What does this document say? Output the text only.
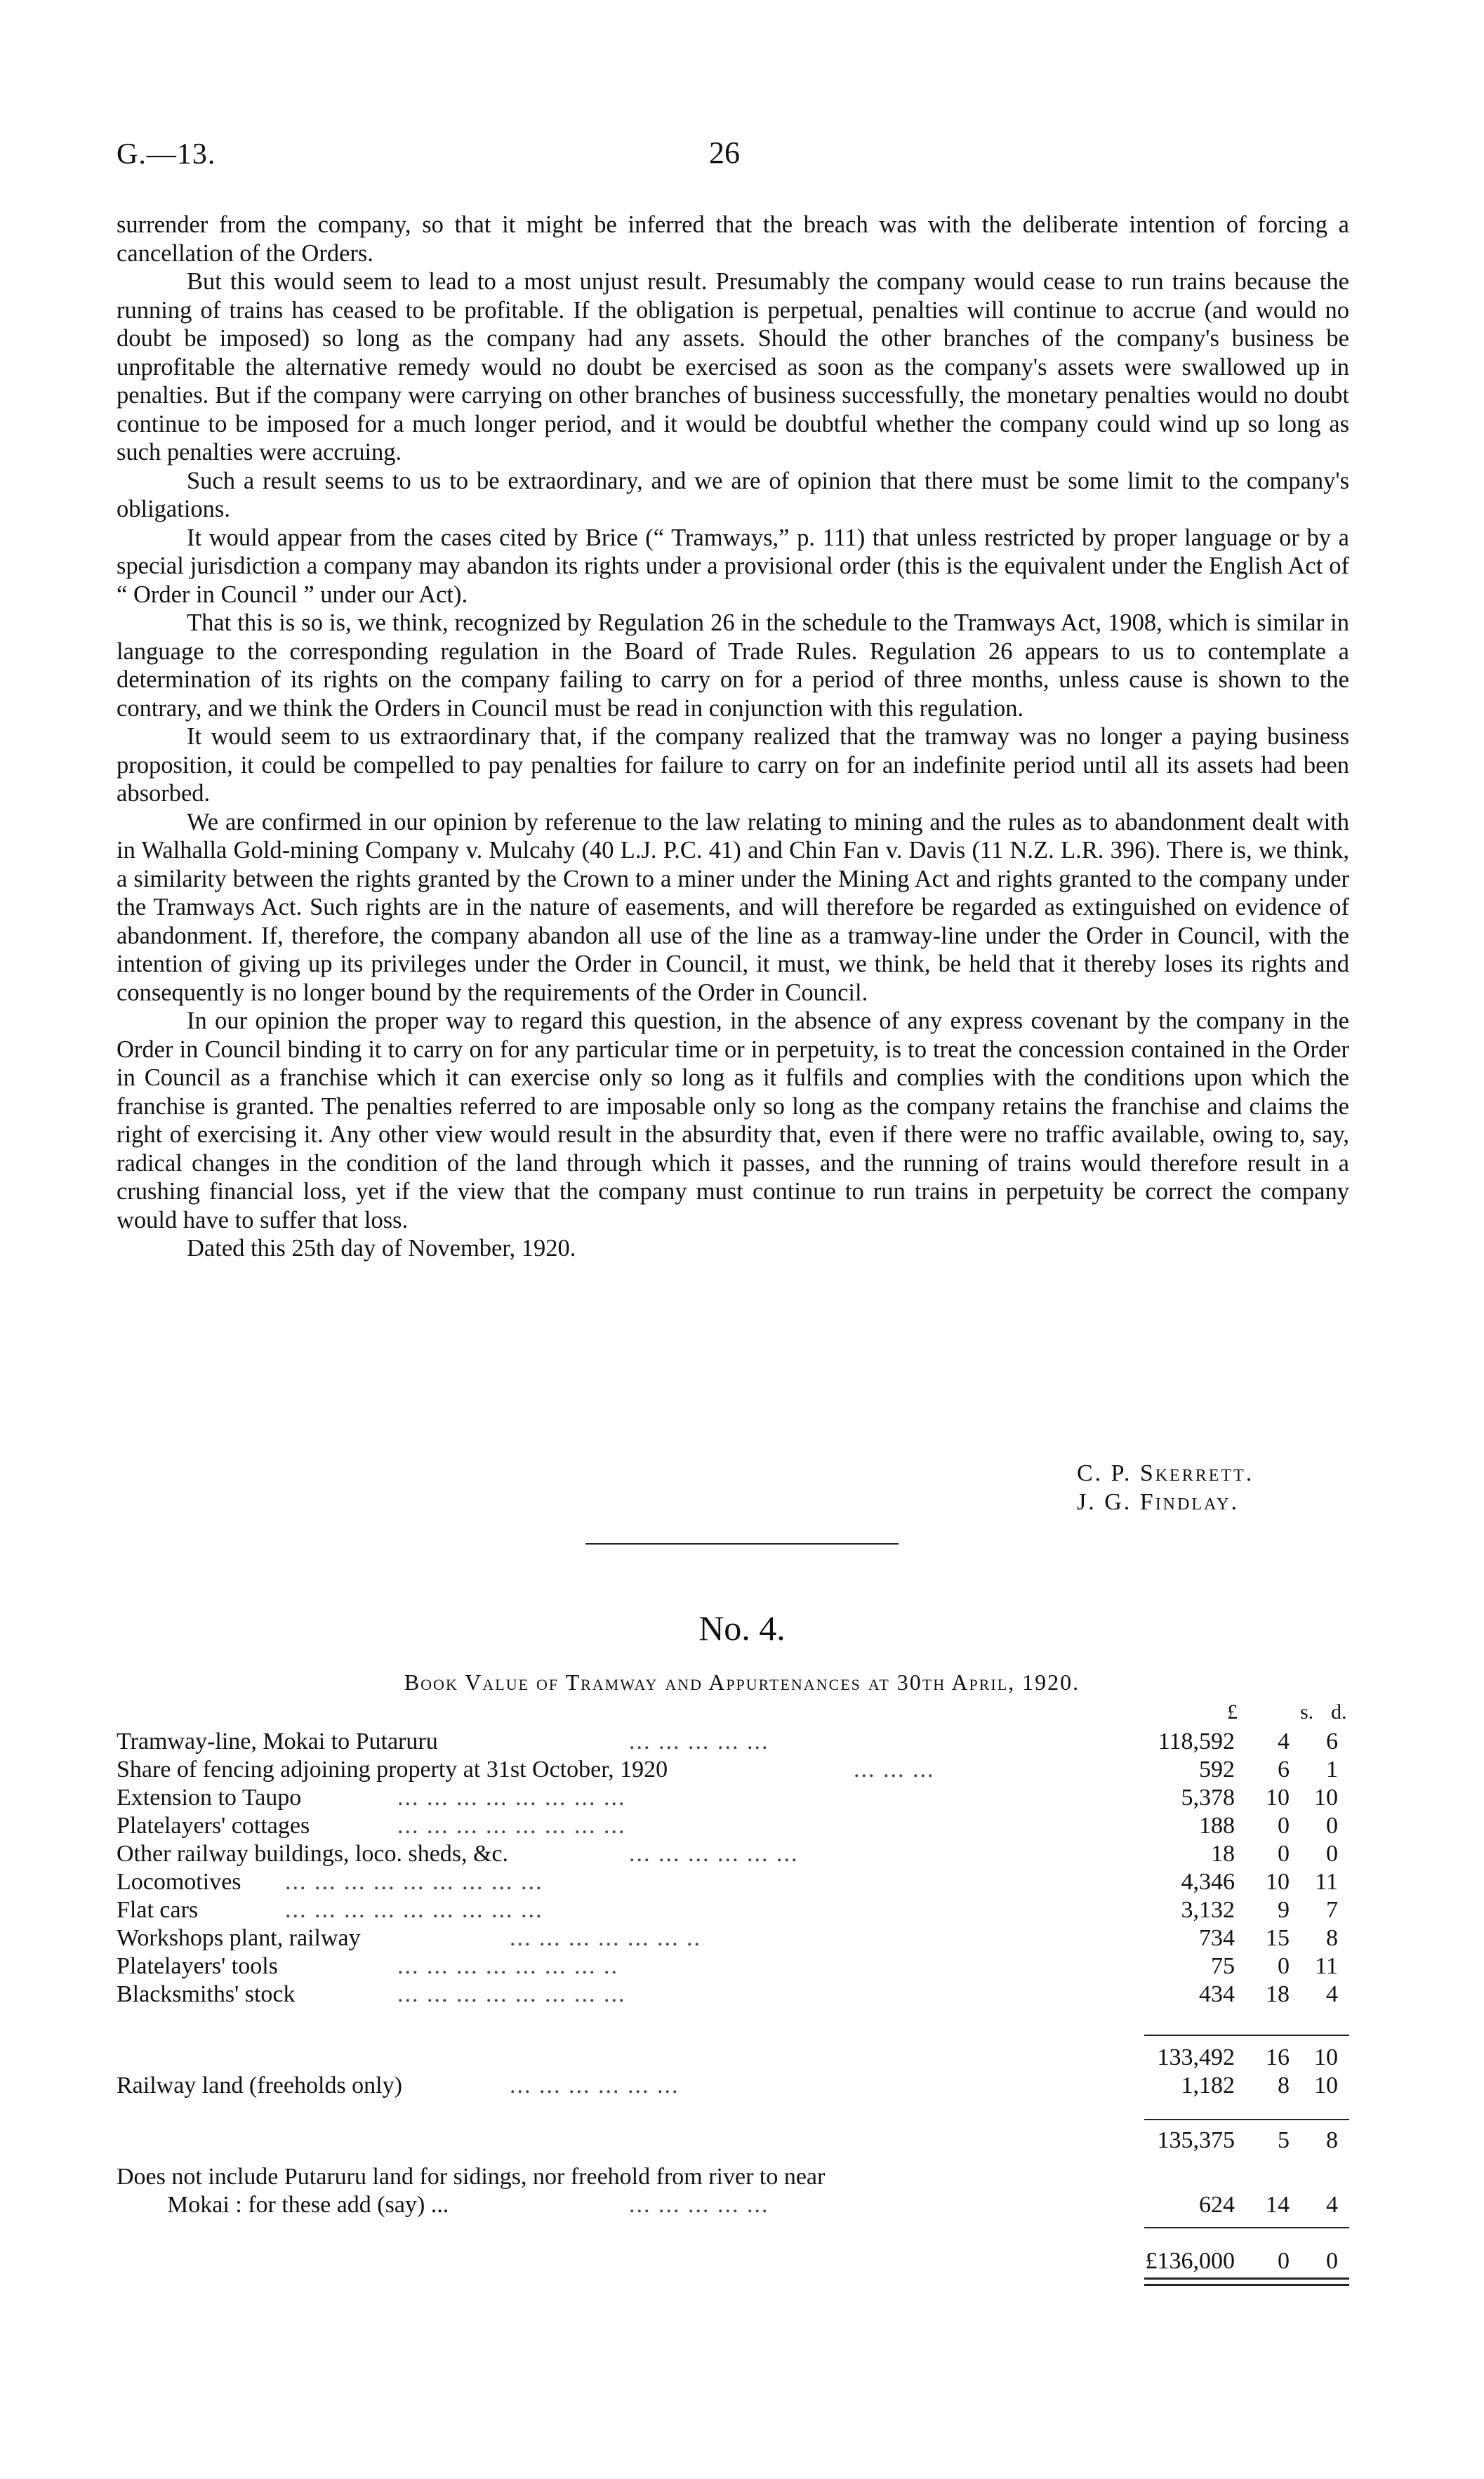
G.—13.	26

surrender from the company, so that it might be inferred that the breach was with the deliberate intention of forcing a cancellation of the Orders.

But this would seem to lead to a most unjust result. Presumably the company would cease to run trains because the running of trains has ceased to be profitable. If the obligation is perpetual, penalties will continue to accrue (and would no doubt be imposed) so long as the company had any assets. Should the other branches of the company's business be unprofitable the alternative remedy would no doubt be exercised as soon as the company's assets were swallowed up in penalties. But if the company were carrying on other branches of business successfully, the monetary penalties would no doubt continue to be imposed for a much longer period, and it would be doubtful whether the company could wind up so long as such penalties were accruing.

Such a result seems to us to be extraordinary, and we are of opinion that there must be some limit to the company's obligations.

It would appear from the cases cited by Brice (“ Tramways,” p. 111) that unless restricted by proper language or by a special jurisdiction a company may abandon its rights under a provisional order (this is the equivalent under the English Act of “ Order in Council ” under our Act).

That this is so is, we think, recognized by Regulation 26 in the schedule to the Tramways Act, 1908, which is similar in language to the corresponding regulation in the Board of Trade Rules. Regulation 26 appears to us to contemplate a determination of its rights on the company failing to carry on for a period of three months, unless cause is shown to the contrary, and we think the Orders in Council must be read in conjunction with this regulation.

It would seem to us extraordinary that, if the company realized that the tramway was no longer a paying business proposition, it could be compelled to pay penalties for failure to carry on for an indefinite period until all its assets had been absorbed.

We are confirmed in our opinion by referenue to the law relating to mining and the rules as to abandonment dealt with in Walhalla Gold-mining Company v. Mulcahy (40 L.J. P.C. 41) and Chin Fan v. Davis (11 N.Z. L.R. 396). There is, we think, a similarity between the rights granted by the Crown to a miner under the Mining Act and rights granted to the company under the Tramways Act. Such rights are in the nature of easements, and will therefore be regarded as extinguished on evidence of abandonment. If, therefore, the company abandon all use of the line as a tramway-line under the Order in Council, with the intention of giving up its privileges under the Order in Council, it must, we think, be held that it thereby loses its rights and consequently is no longer bound by the requirements of the Order in Council.

In our opinion the proper way to regard this question, in the absence of any express covenant by the company in the Order in Council binding it to carry on for any particular time or in perpetuity, is to treat the concession contained in the Order in Council as a franchise which it can exercise only so long as it fulfils and complies with the conditions upon which the franchise is granted. The penalties referred to are imposable only so long as the company retains the franchise and claims the right of exercising it. Any other view would result in the absurdity that, even if there were no traffic available, owing to, say, radical changes in the condition of the land through which it passes, and the running of trains would therefore result in a crushing financial loss, yet if the view that the company must continue to run trains in perpetuity be correct the company would have to suffer that loss.

Dated this 25th day of November, 1920.

C. P. Skerrett.
J. G. Findlay.
No. 4.
Book Value of Tramway and Appurtenances at 30th April, 1920.
£	s. d.
Tramway-line, Mokai to Putaruru	... ... ... ... ...	118,592 4 6
Share of fencing adjoining property at 31st October, 1920	... ... ...	592 6 1
Extension to Taupo	... ... ... ... ... ... ... ...	5,378 10 10
Platelayers' cottages	... ... ... ... ... ... ... ...	188 0 0
Other railway buildings, loco. sheds, &c.	... ... ... ... ... ...	18 0 0
Locomotives ... ... ... ... ... ... ... ... ...	4,346 10 11
Flat cars	... ... ... ... ... ... ... ... ...	3,132 9 7
Workshops plant, railway	... ... ... ... ... ... ..	734 15 8
Platelayers' tools	... ... ... ... ... ... ... ..	75 0 11
Blacksmiths' stock	... ... ... ... ... ... ... ...	434 18 4
133,492 16 10
Railway land (freeholds only)	... ... ... ... ... ...	1,182 8 10
135,375 5 8
Does not include Putaruru land for sidings, nor freehold from river to near
Mokai : for these add (say) ...	... ... ... ... ...	624 14 4
£136,000 0 0
